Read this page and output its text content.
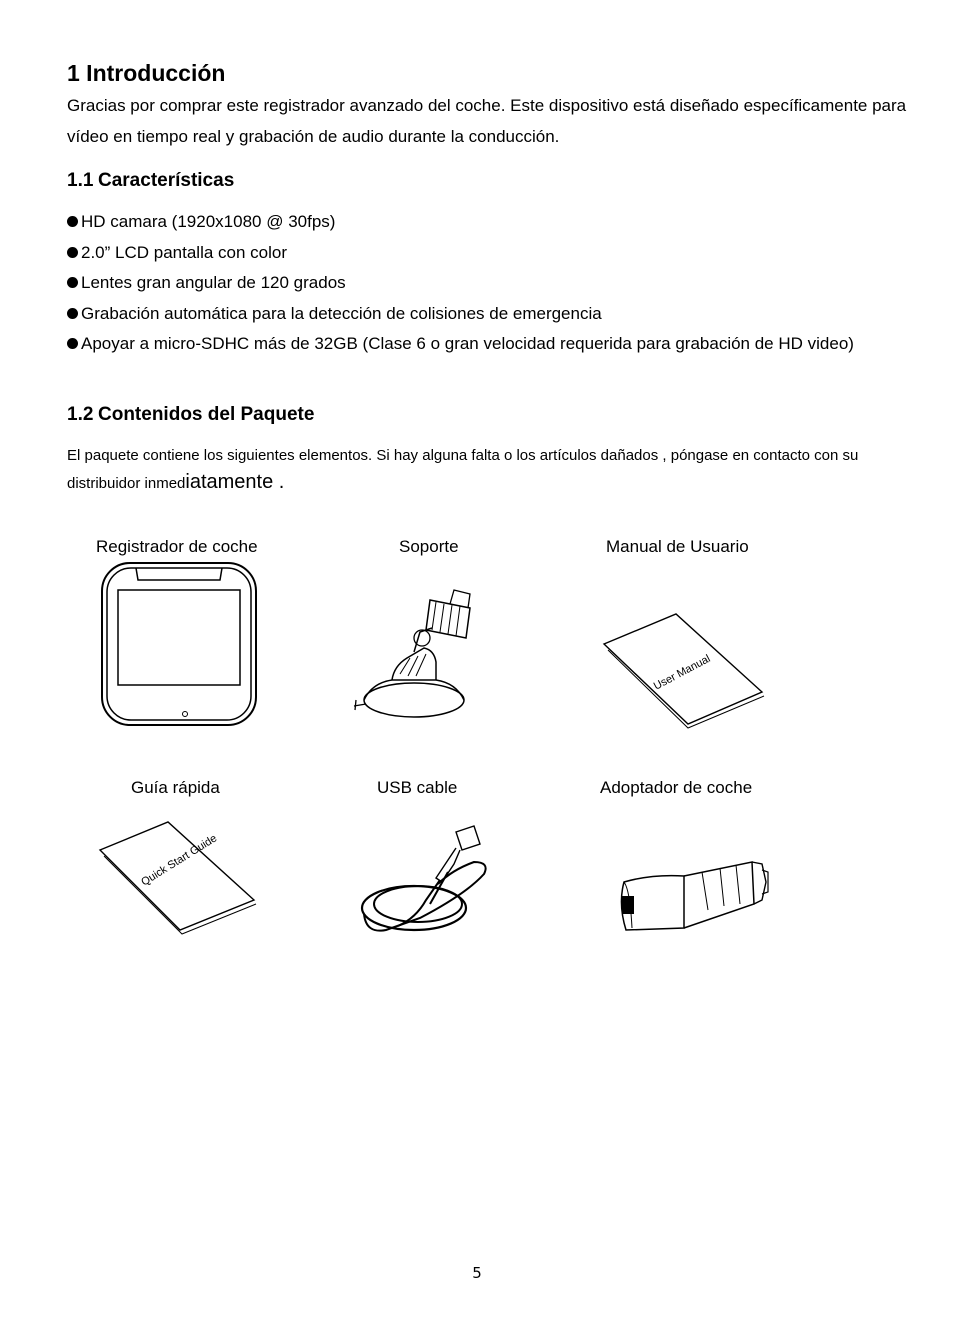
1 Introducción
Gracias por comprar este registrador avanzado del coche. Este dispositivo está diseñado específicamente para vídeo en tiempo real y grabación de audio durante la conducción.
1.1 Características
HD camara (1920x1080 @ 30fps)
2.0” LCD pantalla con color
Lentes gran angular de 120 grados
Grabación automática para la detección de colisiones de emergencia
Apoyar a micro-SDHC más de 32GB (Clase 6 o gran velocidad requerida para grabación de HD video)
1.2 Contenidos del Paquete
El paquete contiene los siguientes elementos. Si hay alguna falta o los artículos dañados , póngase en contacto con su distribuidor inmediatamente .
Registrador de coche	Soporte	Manual de Usuario
User Manual
Guía rápida	USB cable	Adoptador de coche
Quick Start Guide
5
